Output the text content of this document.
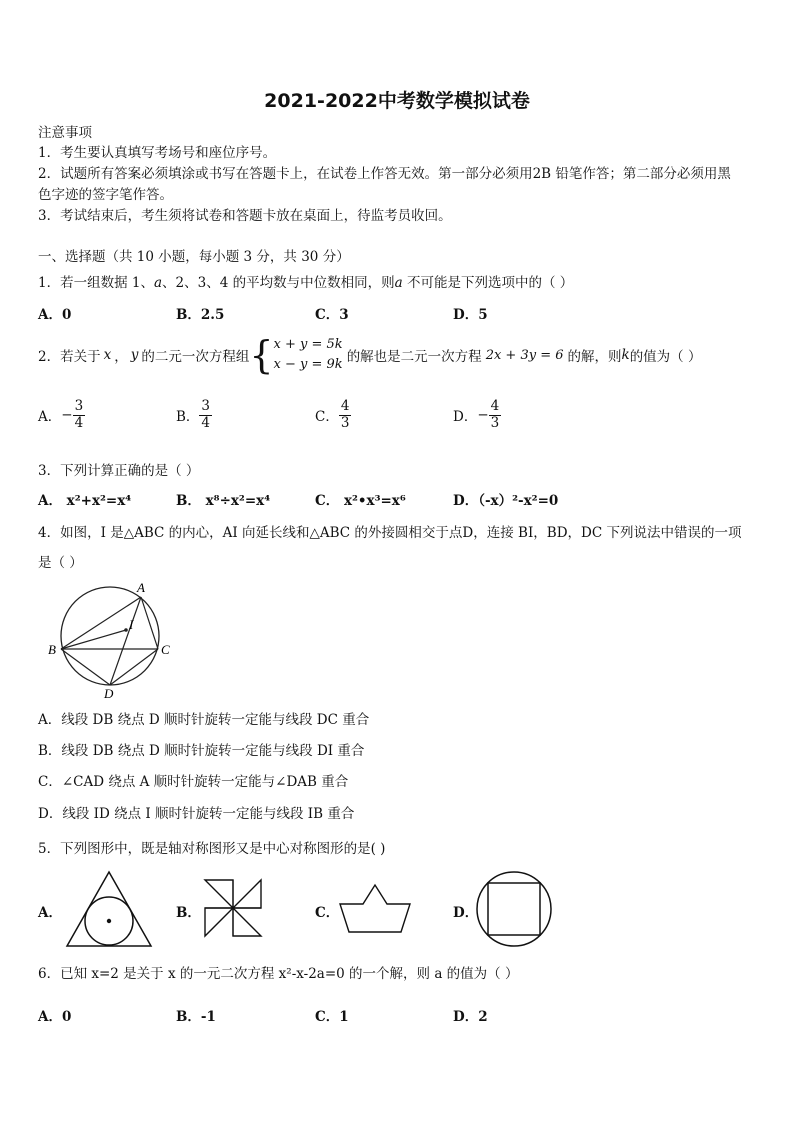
2021-2022中考数学模拟试卷
注意事项
1．考生要认真填写考场号和座位序号。
2．试题所有答案必须填涂或书写在答题卡上，在试卷上作答无效。第一部分必须用2B 铅笔作答；第二部分必须用黑
色字迹的签字笔作答。
3．考试结束后，考生须将试卷和答题卡放在桌面上，待监考员收回。
一、选择题（共 10 小题，每小题 3 分，共 30 分）
1．若一组数据 1、a、2、3、4 的平均数与中位数相同，则a 不可能是下列选项中的（ ）
A．0	B．2.5	C．3	D．5
2．若关于 x ， y 的二元一次方程组 { x + y = 5k
x − y = 9k 的解也是二元一次方程 2x + 3y = 6 的解，则 k 的值为（ ）
A． − $\frac{3}{4}$	B． $\frac{3}{4}$	C． $\frac{4}{3}$	D． − $\frac{4}{3}$
3．下列计算正确的是（ ）
A． x²+x²=x⁴	B． x⁸÷x²=x⁴	C． x²•x³=x⁶	D．（-x）²-x²=0
4．如图，I 是△ABC 的内心，AI 向延长线和△ABC 的外接圆相交于点D，连接 BI，BD，DC 下列说法中错误的一项
是（ ）
A
I
B	C
D
A．线段 DB 绕点 D 顺时针旋转一定能与线段 DC 重合
B．线段 DB 绕点 D 顺时针旋转一定能与线段 DI 重合
C．∠CAD 绕点 A 顺时针旋转一定能与∠DAB 重合
D．线段 ID 绕点 I 顺时针旋转一定能与线段 IB 重合
5．下列图形中，既是轴对称图形又是中心对称图形的是( )
A．	B．	C．	D．
6．已知 x=2 是关于 x 的一元二次方程 x²-x-2a=0 的一个解，则 a 的值为（ ）
A．0	B．-1	C．1	D．2
